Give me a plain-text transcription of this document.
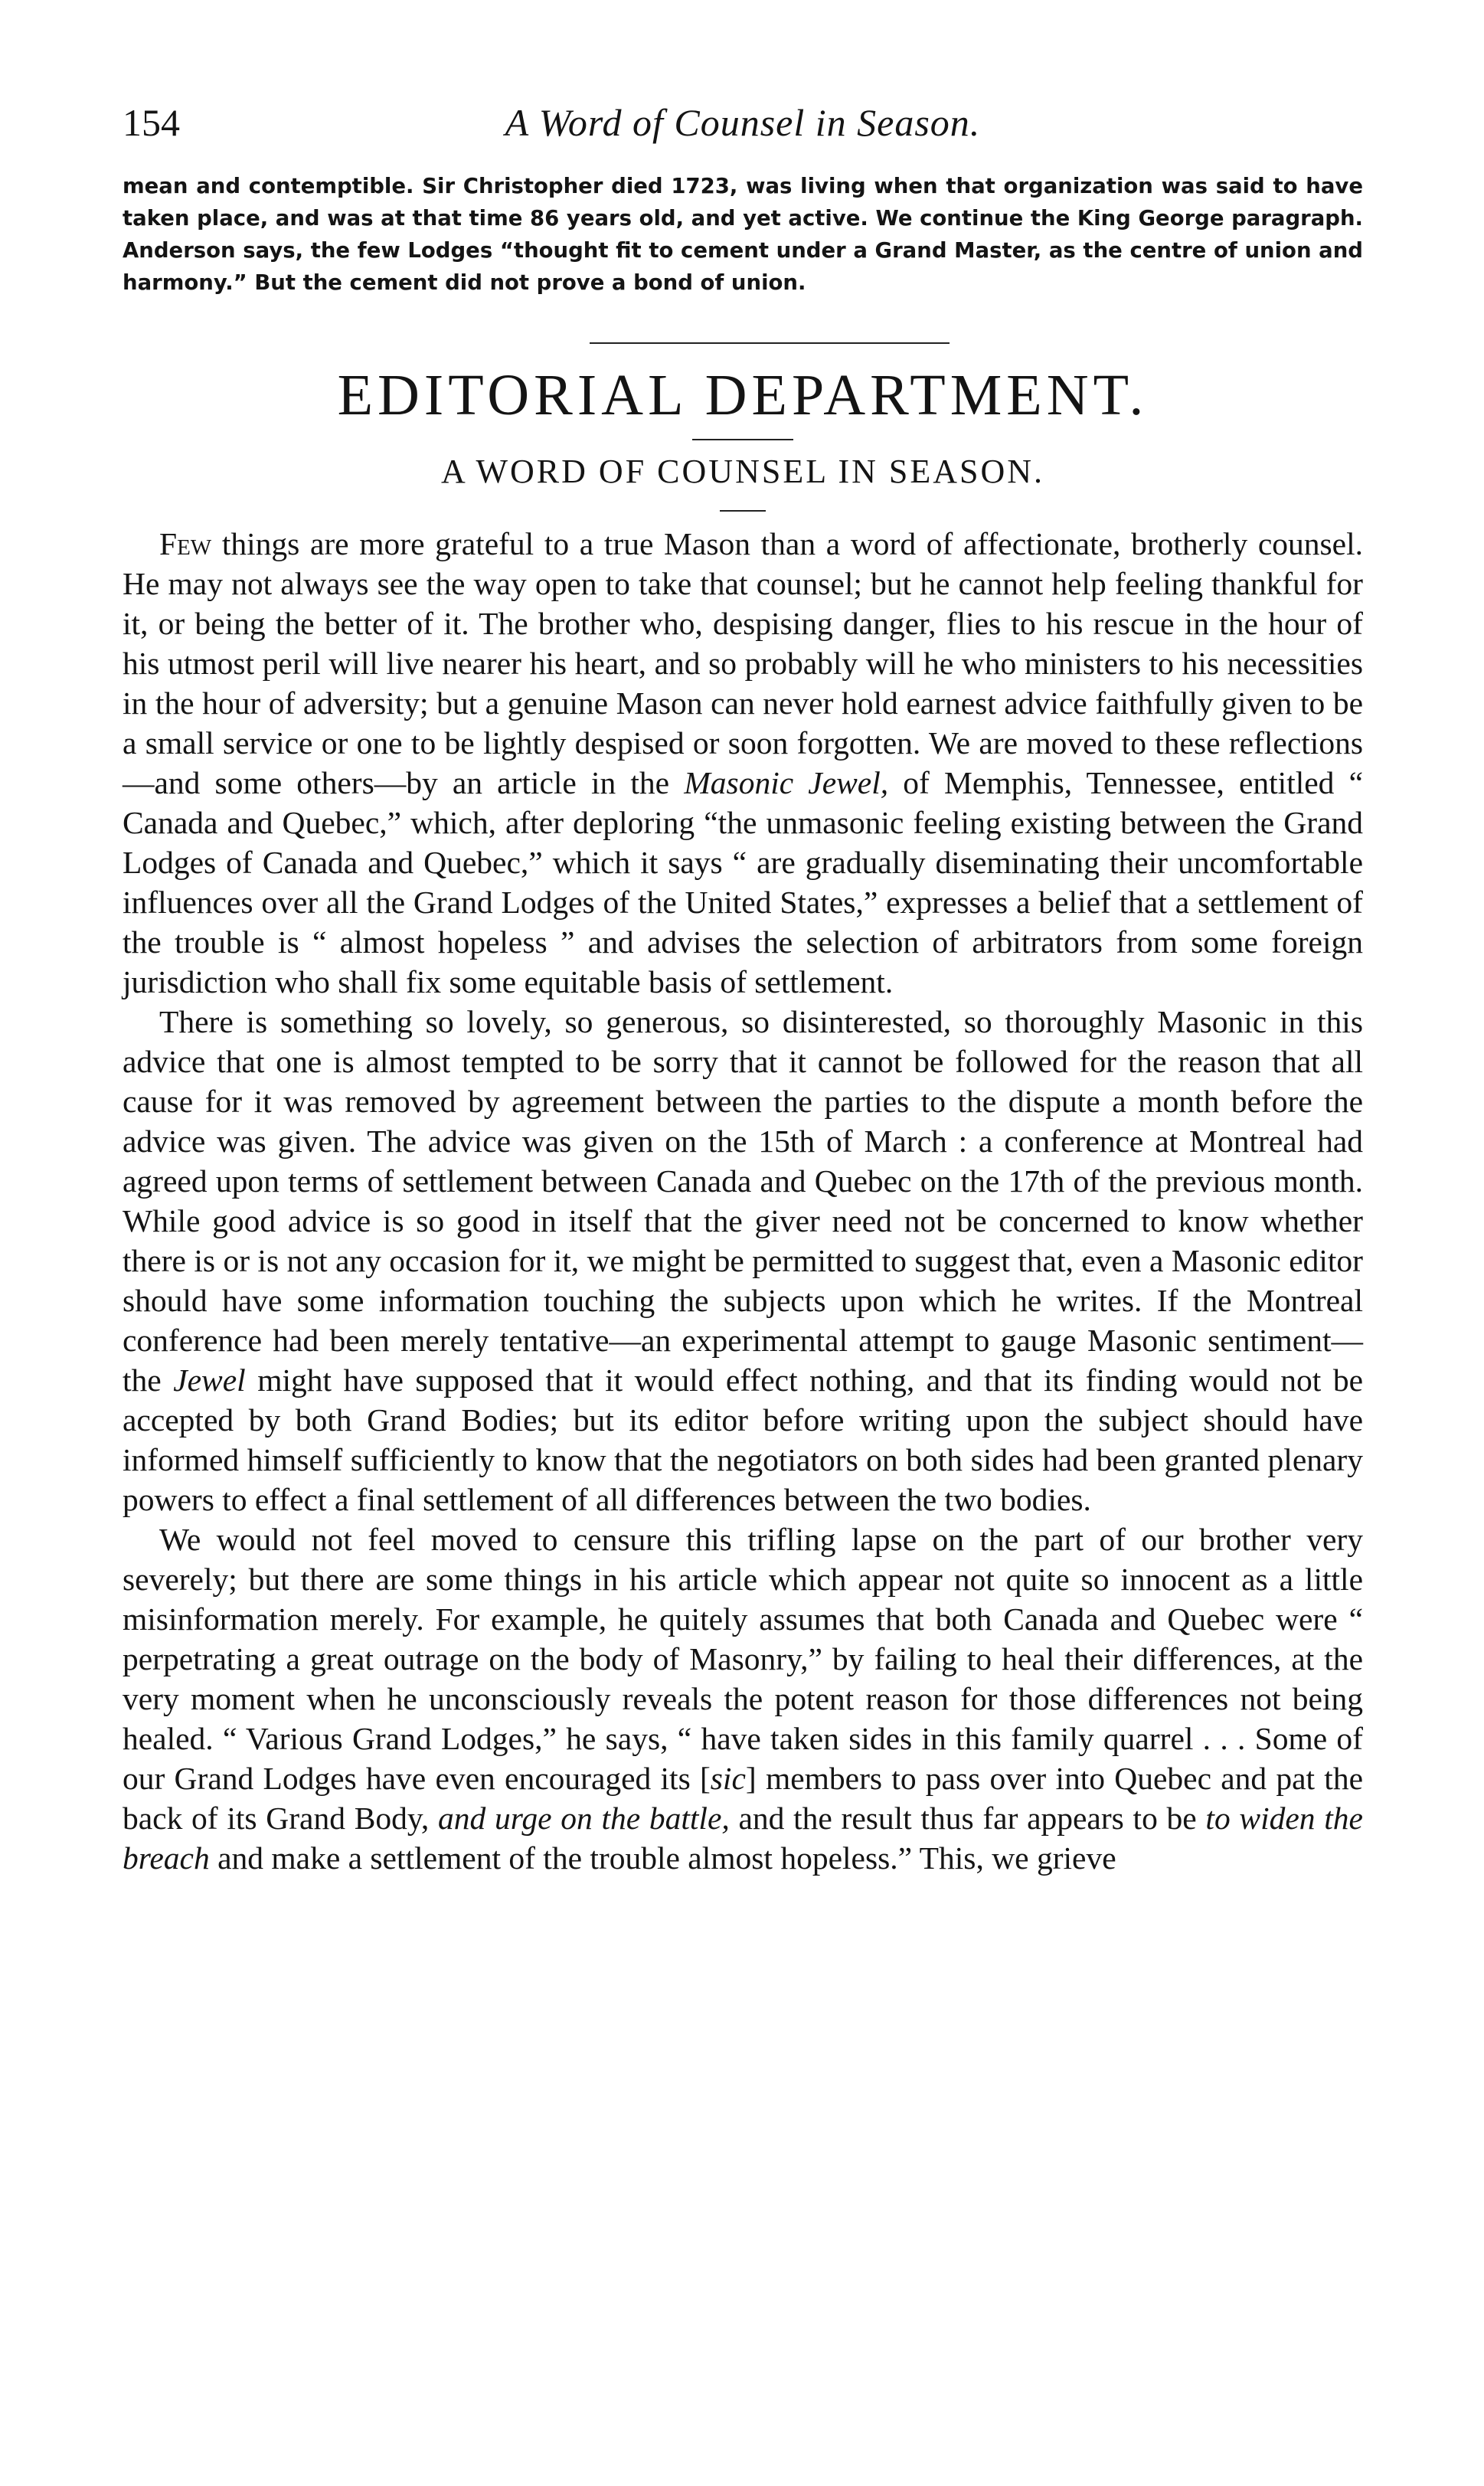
154	A Word of Counsel in Season.
mean and contemptible. Sir Christopher died 1723, was living when that organization was said to have taken place, and was at that time 86 years old, and yet active. We continue the King George paragraph. Anderson says, the few Lodges “thought fit to cement under a Grand Master, as the centre of union and harmony.” But the cement did not prove a bond of union.
EDITORIAL DEPARTMENT.
A WORD OF COUNSEL IN SEASON.

Few things are more grateful to a true Mason than a word of affectionate, brotherly counsel. He may not always see the way open to take that counsel; but he cannot help feeling thankful for it, or being the better of it. The brother who, despising danger, flies to his rescue in the hour of his utmost peril will live nearer his heart, and so probably will he who ministers to his necessities in the hour of adversity; but a genuine Mason can never hold earnest advice faithfully given to be a small service or one to be lightly despised or soon forgotten. We are moved to these reflections—and some others—by an article in the Masonic Jewel, of Memphis, Tennessee, entitled “ Canada and Quebec,” which, after deploring “the unmasonic feeling existing between the Grand Lodges of Canada and Quebec,” which it says “ are gradually diseminating their uncomfortable influences over all the Grand Lodges of the United States,” expresses a belief that a settlement of the trouble is “ almost hopeless ” and advises the selection of arbitrators from some foreign jurisdiction who shall fix some equitable basis of settlement.

There is something so lovely, so generous, so disinterested, so thoroughly Masonic in this advice that one is almost tempted to be sorry that it cannot be followed for the reason that all cause for it was removed by agreement between the parties to the dispute a month before the advice was given. The advice was given on the 15th of March : a conference at Montreal had agreed upon terms of settlement between Canada and Quebec on the 17th of the previous month. While good advice is so good in itself that the giver need not be concerned to know whether there is or is not any occasion for it, we might be permitted to suggest that, even a Masonic editor should have some information touching the subjects upon which he writes. If the Montreal conference had been merely tentative—an experimental attempt to gauge Masonic sentiment— the Jewel might have supposed that it would effect nothing, and that its finding would not be accepted by both Grand Bodies; but its editor before writing upon the subject should have informed himself sufficiently to know that the negotiators on both sides had been granted plenary powers to effect a final settlement of all differences between the two bodies.

We would not feel moved to censure this trifling lapse on the part of our brother very severely; but there are some things in his article which appear not quite so innocent as a little misinformation merely. For example, he quitely assumes that both Canada and Quebec were “ perpetrating a great outrage on the body of Masonry,” by failing to heal their differences, at the very moment when he unconsciously reveals the potent reason for those differences not being healed. “ Various Grand Lodges,” he says, “ have taken sides in this family quarrel . . . Some of our Grand Lodges have even encouraged its [sic] members to pass over into Quebec and pat the back of its Grand Body, and urge on the battle, and the result thus far appears to be to widen the breach and make a settlement of the trouble almost hopeless.” This, we grieve
